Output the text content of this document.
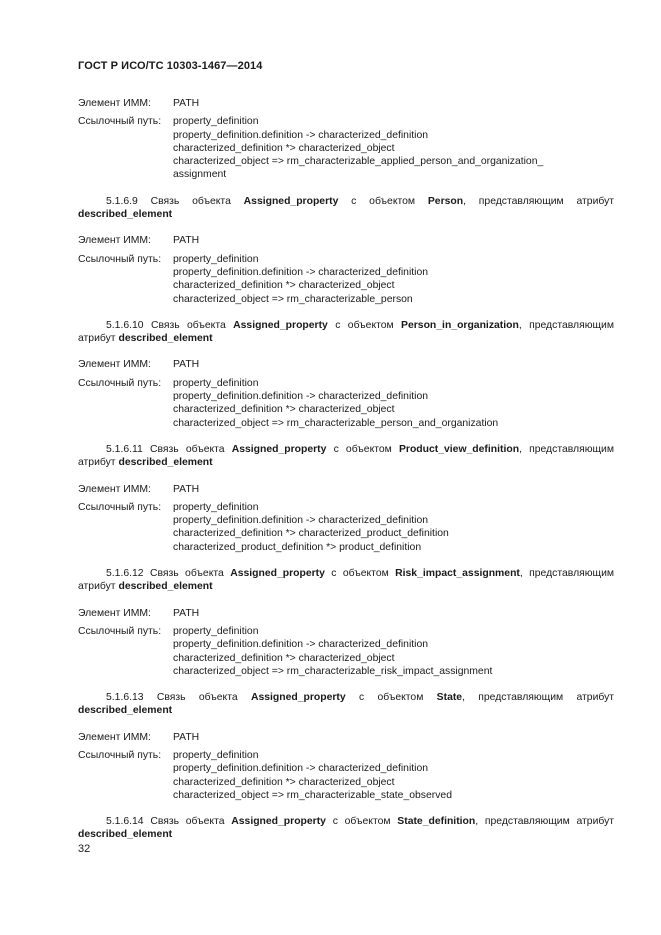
ГОСТ Р ИСО/ТС 10303-1467—2014
Элемент ИММ: PATH
Ссылочный путь: property_definition
property_definition.definition -> characterized_definition
characterized_definition *> characterized_object
characterized_object => rm_characterizable_applied_person_and_organization_
assignment

5.1.6.9 Связь объекта Assigned_property с объектом Person, представляющим атрибут described_element

Элемент ИММ: PATH
Ссылочный путь: property_definition
property_definition.definition -> characterized_definition
characterized_definition *> characterized_object
characterized_object => rm_characterizable_person

5.1.6.10 Связь объекта Assigned_property с объектом Person_in_organization, представляющим атрибут described_element

Элемент ИММ: PATH
Ссылочный путь: property_definition
property_definition.definition -> characterized_definition
characterized_definition *> characterized_object
characterized_object => rm_characterizable_person_and_organization

5.1.6.11 Связь объекта Assigned_property с объектом Product_view_definition, представляющим атрибут described_element

Элемент ИММ: PATH
Ссылочный путь: property_definition
property_definition.definition -> characterized_definition
characterized_definition *> characterized_product_definition
characterized_product_definition *> product_definition

5.1.6.12 Связь объекта Assigned_property с объектом Risk_impact_assignment, представляющим атрибут described_element

Элемент ИММ: PATH
Ссылочный путь: property_definition
property_definition.definition -> characterized_definition
characterized_definition *> characterized_object
characterized_object => rm_characterizable_risk_impact_assignment

5.1.6.13 Связь объекта Assigned_property с объектом State, представляющим атрибут described_element

Элемент ИММ: PATH
Ссылочный путь: property_definition
property_definition.definition -> characterized_definition
characterized_definition *> characterized_object
characterized_object => rm_characterizable_state_observed

5.1.6.14 Связь объекта Assigned_property с объектом State_definition, представляющим атрибут described_element

32
